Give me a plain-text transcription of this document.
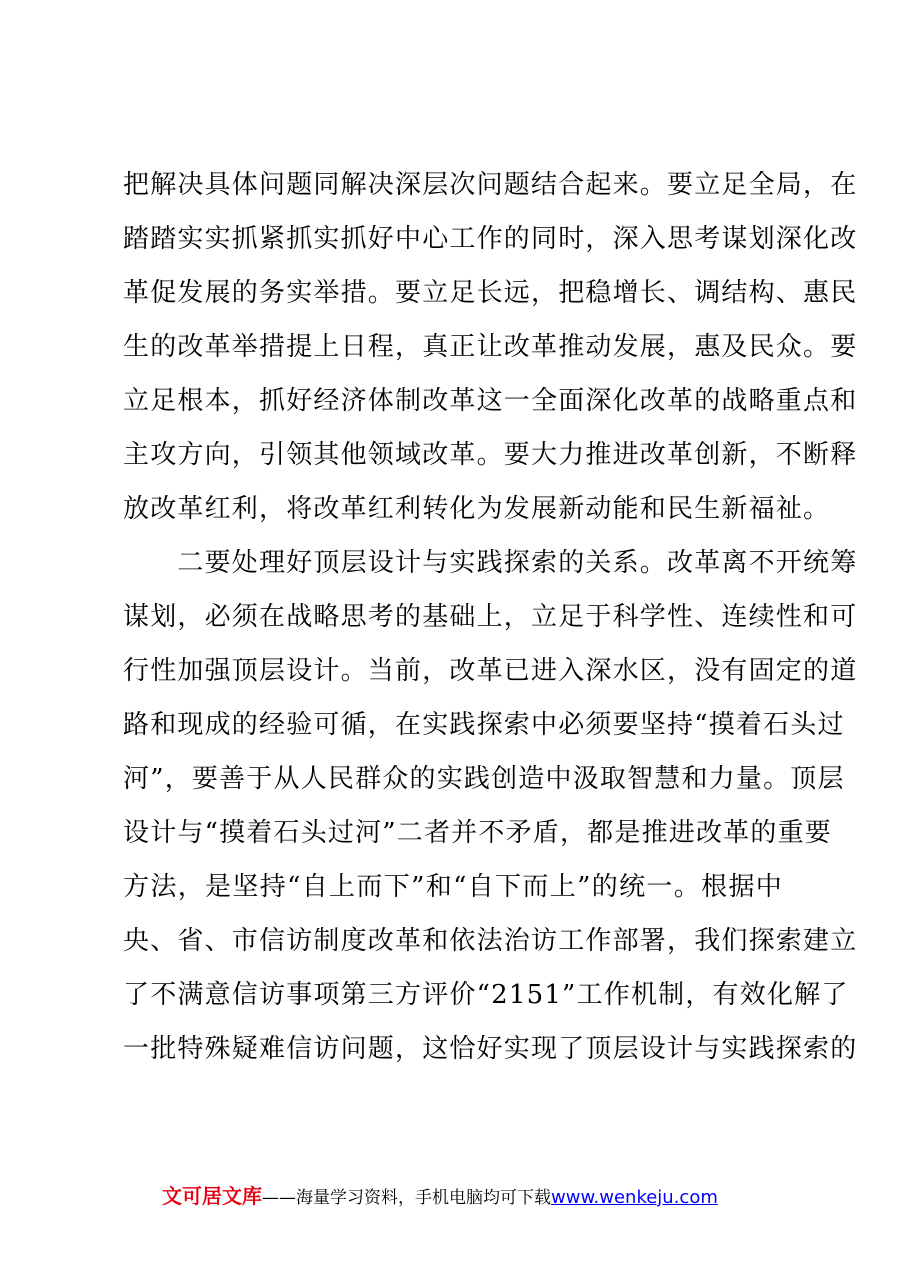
把解决具体问题同解决深层次问题结合起来。要立足全局，在
踏踏实实抓紧抓实抓好中心工作的同时，深入思考谋划深化改
革促发展的务实举措。要立足长远，把稳增长、调结构、惠民
生的改革举措提上日程，真正让改革推动发展，惠及民众。要
立足根本，抓好经济体制改革这一全面深化改革的战略重点和
主攻方向，引领其他领域改革。要大力推进改革创新，不断释
放改革红利，将改革红利转化为发展新动能和民生新福祉。
　　二要处理好顶层设计与实践探索的关系。改革离不开统筹
谋划，必须在战略思考的基础上，立足于科学性、连续性和可
行性加强顶层设计。当前，改革已进入深水区，没有固定的道
路和现成的经验可循，在实践探索中必须要坚持“摸着石头过
河”，要善于从人民群众的实践创造中汲取智慧和力量。顶层
设计与“摸着石头过河”二者并不矛盾，都是推进改革的重要
方法，是坚持“自上而下”和“自下而上”的统一。根据中
央、省、市信访制度改革和依法治访工作部署，我们探索建立
了不满意信访事项第三方评价“2151”工作机制，有效化解了
一批特殊疑难信访问题，这恰好实现了顶层设计与实践探索的
文可居文库——海量学习资料，手机电脑均可下载www.wenkeju.com
